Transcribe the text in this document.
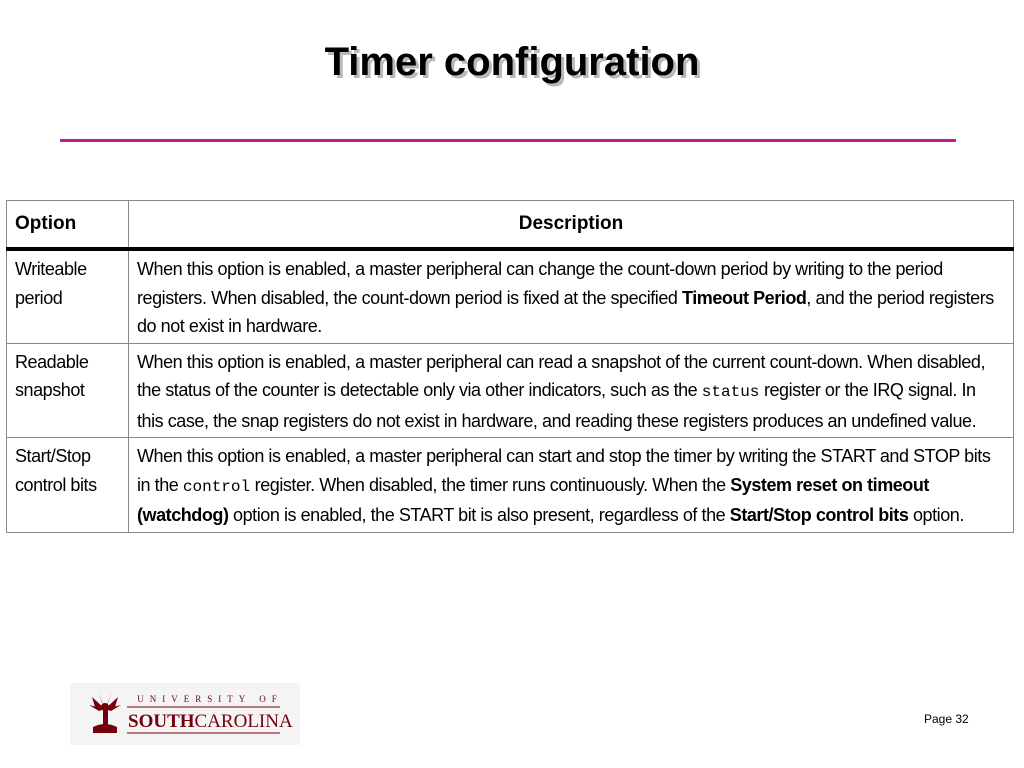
Timer configuration
Option	Description
Writeable period	When this option is enabled, a master peripheral can change the count-down period by writing to the period registers. When disabled, the count-down period is fixed at the specified Timeout Period, and the period registers do not exist in hardware.
Readable snapshot	When this option is enabled, a master peripheral can read a snapshot of the current count-down. When disabled, the status of the counter is detectable only via other indicators, such as the status register or the IRQ signal. In this case, the snap registers do not exist in hardware, and reading these registers produces an undefined value.
Start/Stop control bits	When this option is enabled, a master peripheral can start and stop the timer by writing the START and STOP bits in the control register. When disabled, the timer runs continuously. When the System reset on timeout (watchdog) option is enabled, the START bit is also present, regardless of the Start/Stop control bits option.
UNIVERSITY OF
SOUTHCAROLINA	Page 32
